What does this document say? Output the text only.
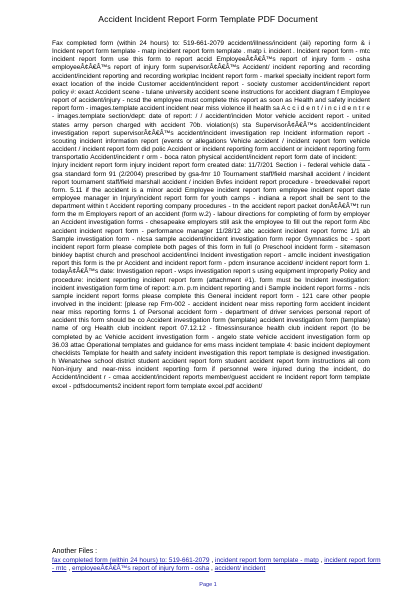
Accident Incident Report Form Template PDF Document
Fax completed form (within 24 hours) to: 519-661-2079 accident/illness/incident (aii) reporting form & i Incident report form template - matp incident report form template . matp i. incident . Incident report form - mtc incident report form use this form to report accid EmployeeÂ¢Â€Â™s report of injury form - osha employeeÂ¢Â€Â™s report of injury form supervisorÂ¢Â€Â™s Accident/ incident reporting and recording accident/incident reporting and recording workplac Incident report form - markel specialty incident report form exact location of the incide Customer accident/incident report - society customer accident/incident report policy #: exact Accident scene - tulane university accident scene instructions for accident diagram f Employee report of accident/injury - ncsd the employee must complete this report as soon as Health and safety incident report form - images.template accident incident near miss violence ill health sa A c c i d e n t / i n c i d e n t r e - images.template section/dept: date of report: / / accident/inciden Motor vehicle accident report - united states army person charged with accident 70b. violation(s) sta SupervisorÂ¢Â€Â™s accident/incident investigation report supervisorÂ¢Â€Â™s accident/incident investigation rep Incident information report - scouting incident information report (events or allegations Vehicle accident / incident report form vehicle accident / incident report form did polic Accident or incident reporting form accident or incident reporting form transportatio Accident/incident r orm - boca raton physical accident/incident report form date of incident: ___ Injury incident report form injury incident report form created date: 11/7/201 Section i - federal vehicle data - gsa standard form 91 (2/2004) prescribed by gsa-fmr 10 Tournament staff/field marshall accident / incident report tournament staff/field marshall accident / inciden Bvfes incident report procedure - breedevallei report form. 5.11 if the accident is a minor accid Employee incident report form employee incident report date employee manager in Injury/incident report form for youth camps - indiana a report shall be sent to the department within t Accident reporting company procedures - tn the accident report packet donÂ¢Â€Â™t run form the m Employers report of an accident (form w.2) - labour directions for completing of form by employer an Accident investigation forms - chesapeake employers still ask the employee to fill out the report form Abc accident incident report form - performance manager 11/28/12 abc accident incident report formc 1/1 ab Sample investigation form - nlcsa sample accident/incident investigation form repor Gymnastics bc - sport incident report form please complete both pages of this form in full (o Preschool incident form - sitemason binkley baptist church and preschool accident/inci Incident investigation report - amcllc incident investigation report this form is the pr Accident and incident report form - pdcm insurance accident/ incident report form 1. todayÂ¢Â€Â™s date: Investigation report - wsps investigation report s using equipment improperly Policy and procedure: incident reporting incident report form (attachment #1). form must be Incident investigation: incident investigation form time of report: a.m. p.m incident reporting and i Sample incident report forms - ncls sample incident report forms please complete this General incident report form - 121 care other people involved in the incident: [please rep Frm-002 - accident incident near miss reporting form accident incident near miss reporting forms 1 of Personal accident form - department of driver services personal report of accident this form should be co Accident investigation form (template) accident investigation form (template) name of org Health club incident report 07.12.12 - fitnessinsurance health club incident report (to be completed by ac Vehicle accident investigation form - angelo state vehicle accident investigation form op 36.03 attac Operational templates and guidance for ems mass incident template 4: basic incident deployment checklists Template for health and safety incident investigation this report template is designed investigation. h Wenatchee school district student accident report form student accident report form instructions all com Non-injury and near-miss incident reporting form if personnel were injured during the incident, do Accident/incident r - cmaa accident/incident reports member/guest accident re Incident report form template excel - pdfsdocuments2 incident report form template excel.pdf accident/
Another Files :
fax completed form (within 24 hours) to: 519-661-2079 , incident report form template - matp , incident report form - mtc , employeeÂ¢Â€Â™s report of injury form - osha , accident/ incident
Page 1
